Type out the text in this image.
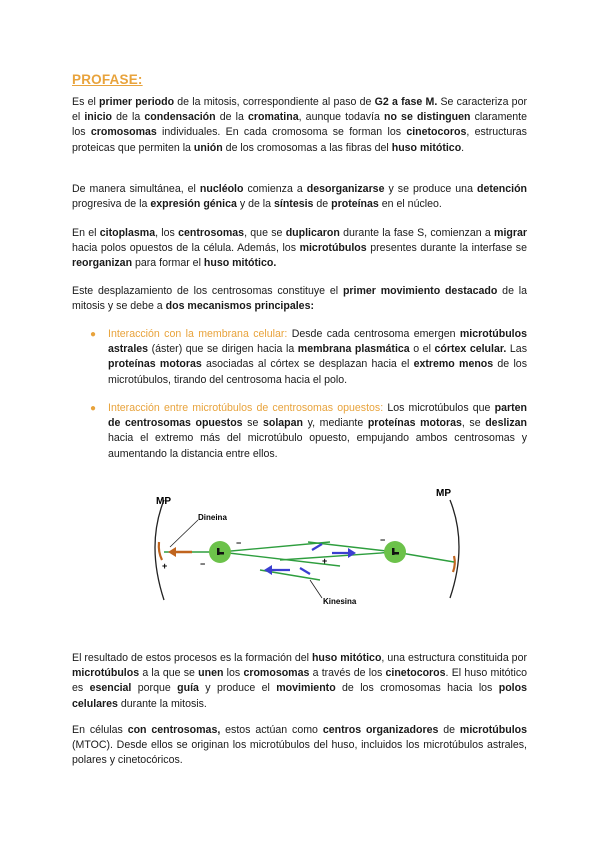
PROFASE:

Es el primer periodo de la mitosis, correspondiente al paso de G2 a fase M. Se caracteriza por el inicio de la condensación de la cromatina, aunque todavía no se distinguen claramente los cromosomas individuales. En cada cromosoma se forman los cinetocoros, estructuras proteicas que permiten la unión de los cromosomas a las fibras del huso mitótico.

De manera simultánea, el nucléolo comienza a desorganizarse y se produce una detención progresiva de la expresión génica y de la síntesis de proteínas en el núcleo.

En el citoplasma, los centrosomas, que se duplicaron durante la fase S, comienzan a migrar hacia polos opuestos de la célula. Además, los microtúbulos presentes durante la interfase se reorganizan para formar el huso mitótico.

Este desplazamiento de los centrosomas constituye el primer movimiento destacado de la mitosis y se debe a dos mecanismos principales:

● Interacción con la membrana celular: Desde cada centrosoma emergen microtúbulos astrales (áster) que se dirigen hacia la membrana plasmática o el córtex celular. Las proteínas motoras asociadas al córtex se desplazan hacia el extremo menos de los microtúbulos, tirando del centrosoma hacia el polo.

● Interacción entre microtúbulos de centrosomas opuestos: Los microtúbulos que parten de centrosomas opuestos se solapan y, mediante proteínas motoras, se deslizan hacia el extremo más del microtúbulo opuesto, empujando ambos centrosomas y aumentando la distancia entre ellos.

MP
MP
Dineina
Kinesina
+	−
−
+
−

El resultado de estos procesos es la formación del huso mitótico, una estructura constituida por microtúbulos a la que se unen los cromosomas a través de los cinetocoros. El huso mitótico es esencial porque guía y produce el movimiento de los cromosomas hacia los polos celulares durante la mitosis.

En células con centrosomas, estos actúan como centros organizadores de microtúbulos (MTOC). Desde ellos se originan los microtúbulos del huso, incluidos los microtúbulos astrales, polares y cinetocóricos.
